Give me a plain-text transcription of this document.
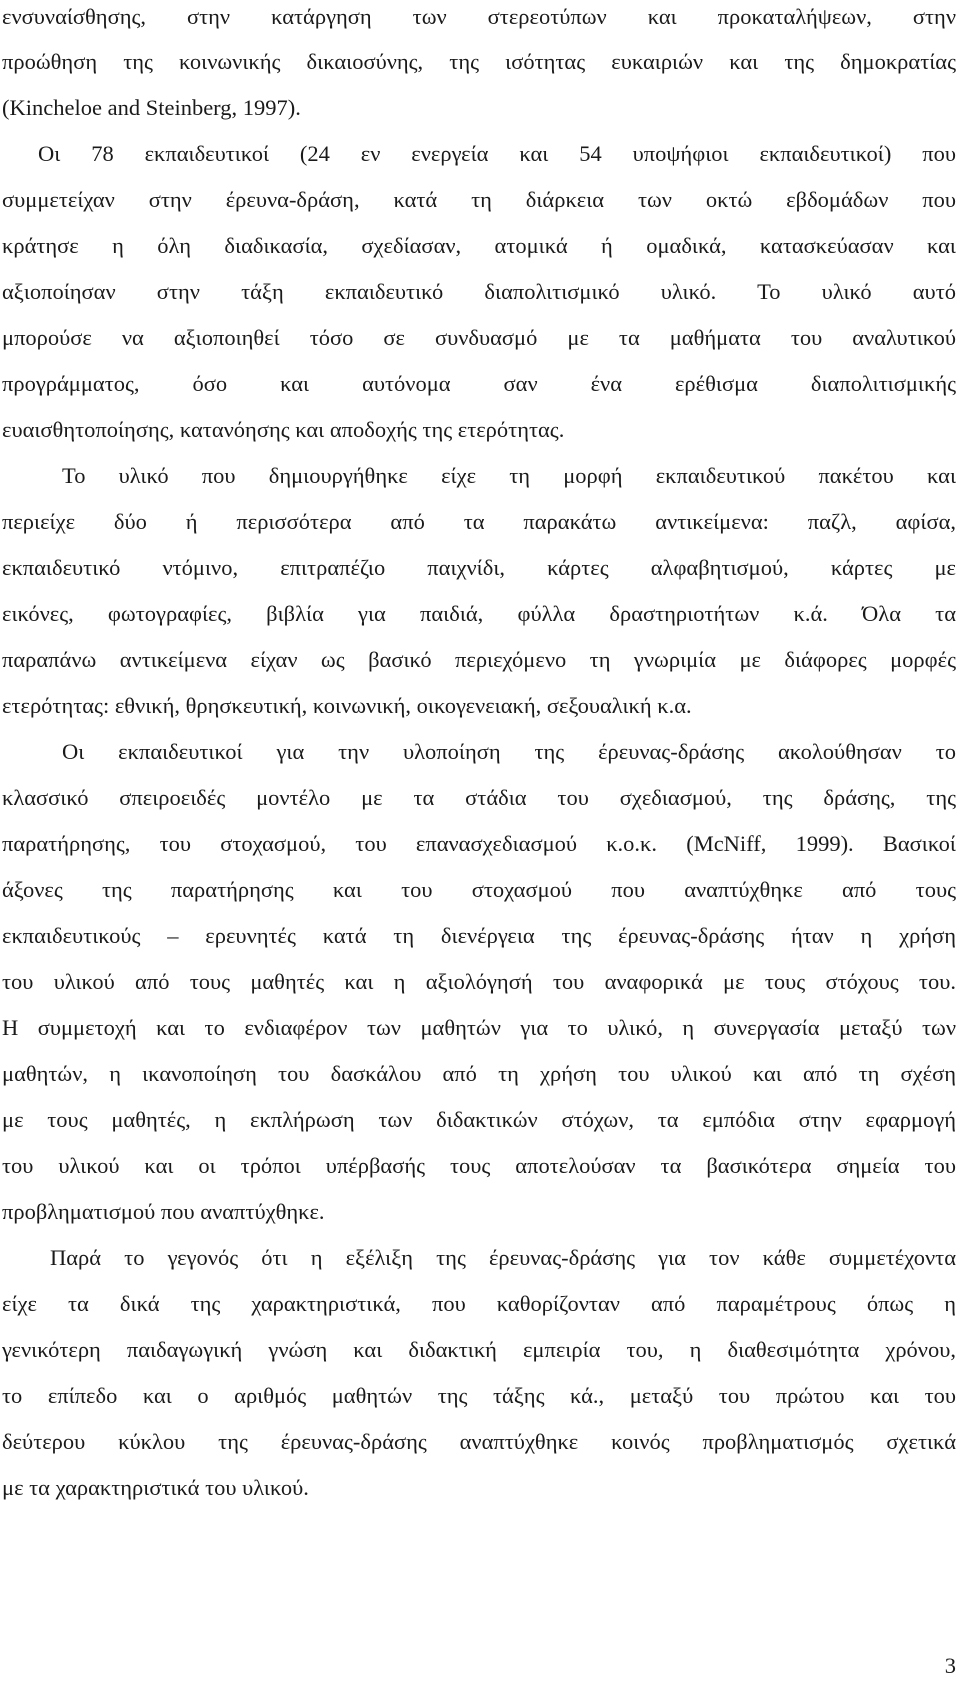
ενσυναίσθησης, στην κατάργηση των στερεοτύπων και προκαταλήψεων, στην
προώθηση της κοινωνικής δικαιοσύνης, της ισότητας ευκαιριών και της δημοκρατίας
(Kincheloe and Steinberg, 1997).
Οι 78 εκπαιδευτικοί (24 εν ενεργεία και 54 υποψήφιοι εκπαιδευτικοί) που
συμμετείχαν στην έρευνα-δράση, κατά τη διάρκεια των οκτώ εβδομάδων που
κράτησε η όλη διαδικασία, σχεδίασαν, ατομικά ή ομαδικά, κατασκεύασαν και
αξιοποίησαν στην τάξη εκπαιδευτικό διαπολιτισμικό υλικό. Το υλικό αυτό
μπορούσε να αξιοποιηθεί τόσο σε συνδυασμό με τα μαθήματα του αναλυτικού
προγράμματος, όσο και αυτόνομα σαν ένα ερέθισμα διαπολιτισμικής
ευαισθητοποίησης, κατανόησης και αποδοχής της ετερότητας.
Το υλικό που δημιουργήθηκε είχε τη μορφή εκπαιδευτικού πακέτου και
περιείχε δύο ή περισσότερα από τα παρακάτω αντικείμενα: παζλ, αφίσα,
εκπαιδευτικό ντόμινο, επιτραπέζιο παιχνίδι, κάρτες αλφαβητισμού, κάρτες με
εικόνες, φωτογραφίες, βιβλία για παιδιά, φύλλα δραστηριοτήτων κ.ά. Όλα τα
παραπάνω αντικείμενα είχαν ως βασικό περιεχόμενο τη γνωριμία με διάφορες μορφές
ετερότητας: εθνική, θρησκευτική, κοινωνική, οικογενειακή, σεξουαλική κ.α.
Οι εκπαιδευτικοί για την υλοποίηση της έρευνας-δράσης ακολούθησαν το
κλασσικό σπειροειδές μοντέλο με τα στάδια του σχεδιασμού, της δράσης, της
παρατήρησης, του στοχασμού, του επανασχεδιασμού κ.ο.κ. (McNiff, 1999). Βασικοί
άξονες της παρατήρησης και του στοχασμού που αναπτύχθηκε από τους
εκπαιδευτικούς – ερευνητές κατά τη διενέργεια της έρευνας-δράσης ήταν η χρήση
του υλικού από τους μαθητές και η αξιολόγησή του αναφορικά με τους στόχους του.
Η συμμετοχή και το ενδιαφέρον των μαθητών για το υλικό, η συνεργασία μεταξύ των
μαθητών, η ικανοποίηση του δασκάλου από τη χρήση του υλικού και από τη σχέση
με τους μαθητές, η εκπλήρωση των διδακτικών στόχων, τα εμπόδια στην εφαρμογή
του υλικού και οι τρόποι υπέρβασής τους αποτελούσαν τα βασικότερα σημεία του
προβληματισμού που αναπτύχθηκε.
Παρά το γεγονός ότι η εξέλιξη της έρευνας-δράσης για τον κάθε συμμετέχοντα
είχε τα δικά της χαρακτηριστικά, που καθορίζονταν από παραμέτρους όπως η
γενικότερη παιδαγωγική γνώση και διδακτική εμπειρία του, η διαθεσιμότητα χρόνου,
το επίπεδο και ο αριθμός μαθητών της τάξης κά., μεταξύ του πρώτου και του
δεύτερου κύκλου της έρευνας-δράσης αναπτύχθηκε κοινός προβληματισμός σχετικά
με τα χαρακτηριστικά του υλικού.
3
